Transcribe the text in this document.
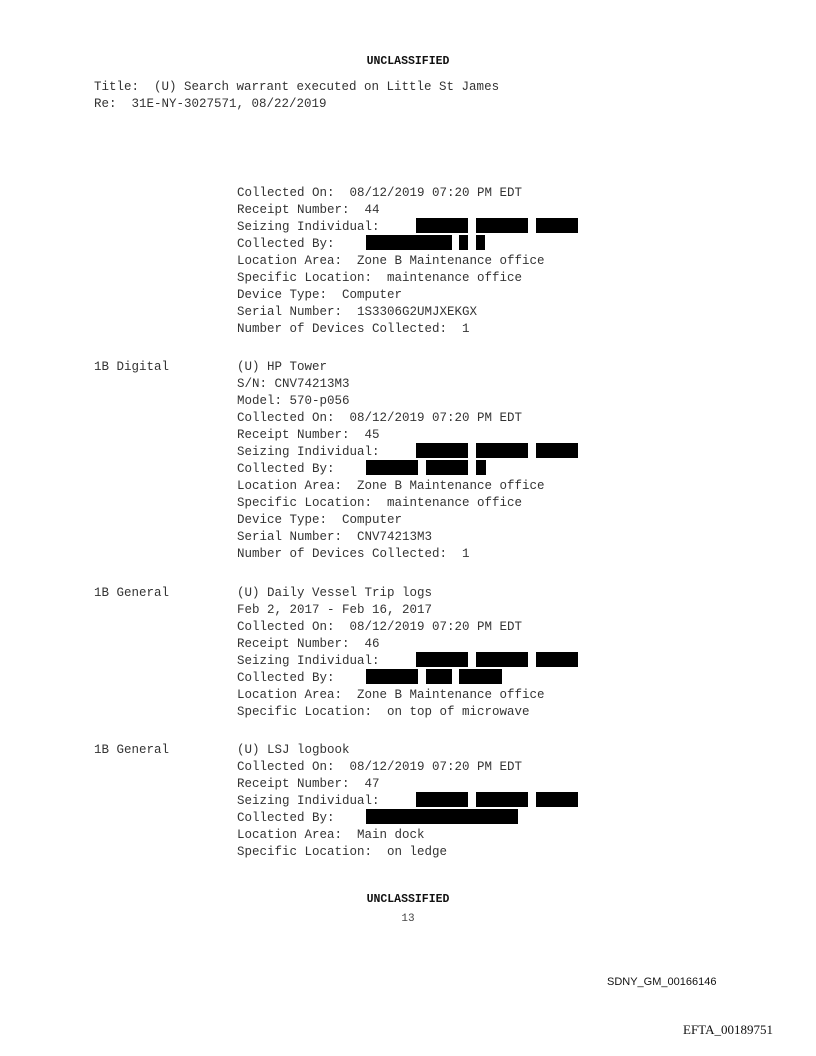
UNCLASSIFIED
Title:  (U) Search warrant executed on Little St James
Re:  31E-NY-3027571, 08/22/2019
Collected On:  08/12/2019 07:20 PM EDT
Receipt Number:  44
Seizing Individual:
Collected By:
Location Area:  Zone B Maintenance office
Specific Location:  maintenance office
Device Type:  Computer
Serial Number:  1S3306G2UMJXEKGX
Number of Devices Collected:  1
1B Digital	(U) HP Tower
S/N: CNV74213M3
Model: 570-p056
Collected On:  08/12/2019 07:20 PM EDT
Receipt Number:  45
Seizing Individual:
Collected By:
Location Area:  Zone B Maintenance office
Specific Location:  maintenance office
Device Type:  Computer
Serial Number:  CNV74213M3
Number of Devices Collected:  1
1B General	(U) Daily Vessel Trip logs
Feb 2, 2017 - Feb 16, 2017
Collected On:  08/12/2019 07:20 PM EDT
Receipt Number:  46
Seizing Individual:
Collected By:
Location Area:  Zone B Maintenance office
Specific Location:  on top of microwave
1B General	(U) LSJ logbook
Collected On:  08/12/2019 07:20 PM EDT
Receipt Number:  47
Seizing Individual:
Collected By:
Location Area:  Main dock
Specific Location:  on ledge
UNCLASSIFIED
13
SDNY_GM_00166146
EFTA_00189751
